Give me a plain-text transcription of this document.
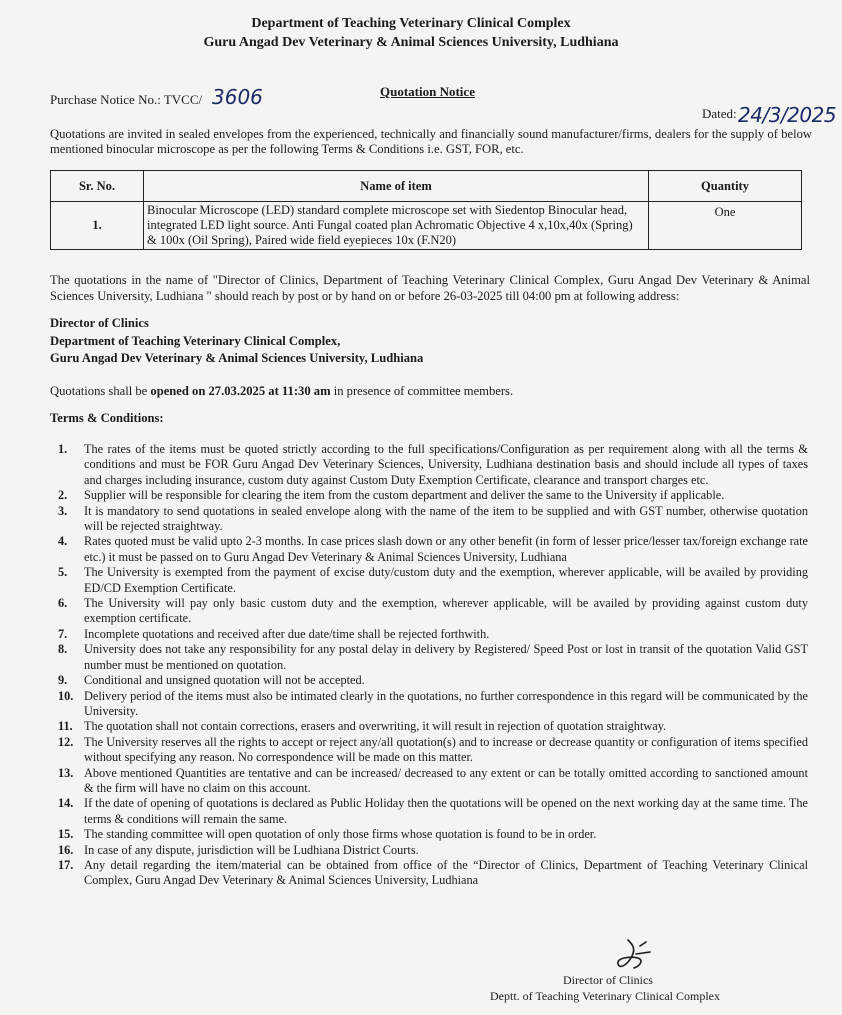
Department of Teaching Veterinary Clinical Complex
Guru Angad Dev Veterinary & Animal Sciences University, Ludhiana
Quotation Notice
Purchase Notice No.: TVCC/ 3606
Dated: 24/3/2025
Quotations are invited in sealed envelopes from the experienced, technically and financially sound manufacturer/firms, dealers for the supply of below mentioned binocular microscope as per the following Terms & Conditions i.e. GST, FOR, etc.
Sr. No.	Name of item	Quantity
1.	Binocular Microscope (LED) standard complete microscope set with Siedentop Binocular head, integrated LED light source. Anti Fungal coated plan Achromatic Objective 4 x,10x,40x (Spring) & 100x (Oil Spring), Paired wide field eyepieces 10x (F.N20)	One
The quotations in the name of "Director of Clinics, Department of Teaching Veterinary Clinical Complex, Guru Angad Dev Veterinary & Animal Sciences University, Ludhiana " should reach by post or by hand on or before 26-03-2025 till 04:00 pm at following address:
Director of Clinics
Department of Teaching Veterinary Clinical Complex,
Guru Angad Dev Veterinary & Animal Sciences University, Ludhiana
Quotations shall be opened on 27.03.2025 at 11:30 am in presence of committee members.
Terms & Conditions:
1. The rates of the items must be quoted strictly according to the full specifications/Configuration as per requirement along with all the terms & conditions and must be FOR Guru Angad Dev Veterinary Sciences, University, Ludhiana destination basis and should include all types of taxes and charges including insurance, custom duty against Custom Duty Exemption Certificate, clearance and transport charges etc.
2. Supplier will be responsible for clearing the item from the custom department and deliver the same to the University if applicable.
3. It is mandatory to send quotations in sealed envelope along with the name of the item to be supplied and with GST number, otherwise quotation will be rejected straightway.
4. Rates quoted must be valid upto 2-3 months. In case prices slash down or any other benefit (in form of lesser price/lesser tax/foreign exchange rate etc.) it must be passed on to Guru Angad Dev Veterinary & Animal Sciences University, Ludhiana
5. The University is exempted from the payment of excise duty/custom duty and the exemption, wherever applicable, will be availed by providing ED/CD Exemption Certificate.
6. The University will pay only basic custom duty and the exemption, wherever applicable, will be availed by providing against custom duty exemption certificate.
7. Incomplete quotations and received after due date/time shall be rejected forthwith.
8. University does not take any responsibility for any postal delay in delivery by Registered/ Speed Post or lost in transit of the quotation Valid GST number must be mentioned on quotation.
9. Conditional and unsigned quotation will not be accepted.
10. Delivery period of the items must also be intimated clearly in the quotations, no further correspondence in this regard will be communicated by the University.
11. The quotation shall not contain corrections, erasers and overwriting, it will result in rejection of quotation straightway.
12. The University reserves all the rights to accept or reject any/all quotation(s) and to increase or decrease quantity or configuration of items specified without specifying any reason. No correspondence will be made on this matter.
13. Above mentioned Quantities are tentative and can be increased/ decreased to any extent or can be totally omitted according to sanctioned amount & the firm will have no claim on this account.
14. If the date of opening of quotations is declared as Public Holiday then the quotations will be opened on the next working day at the same time. The terms & conditions will remain the same.
15. The standing committee will open quotation of only those firms whose quotation is found to be in order.
16. In case of any dispute, jurisdiction will be Ludhiana District Courts.
17. Any detail regarding the item/material can be obtained from office of the “Director of Clinics, Department of Teaching Veterinary Clinical Complex, Guru Angad Dev Veterinary & Animal Sciences University, Ludhiana
Director of Clinics
Deptt. of Teaching Veterinary Clinical Complex
